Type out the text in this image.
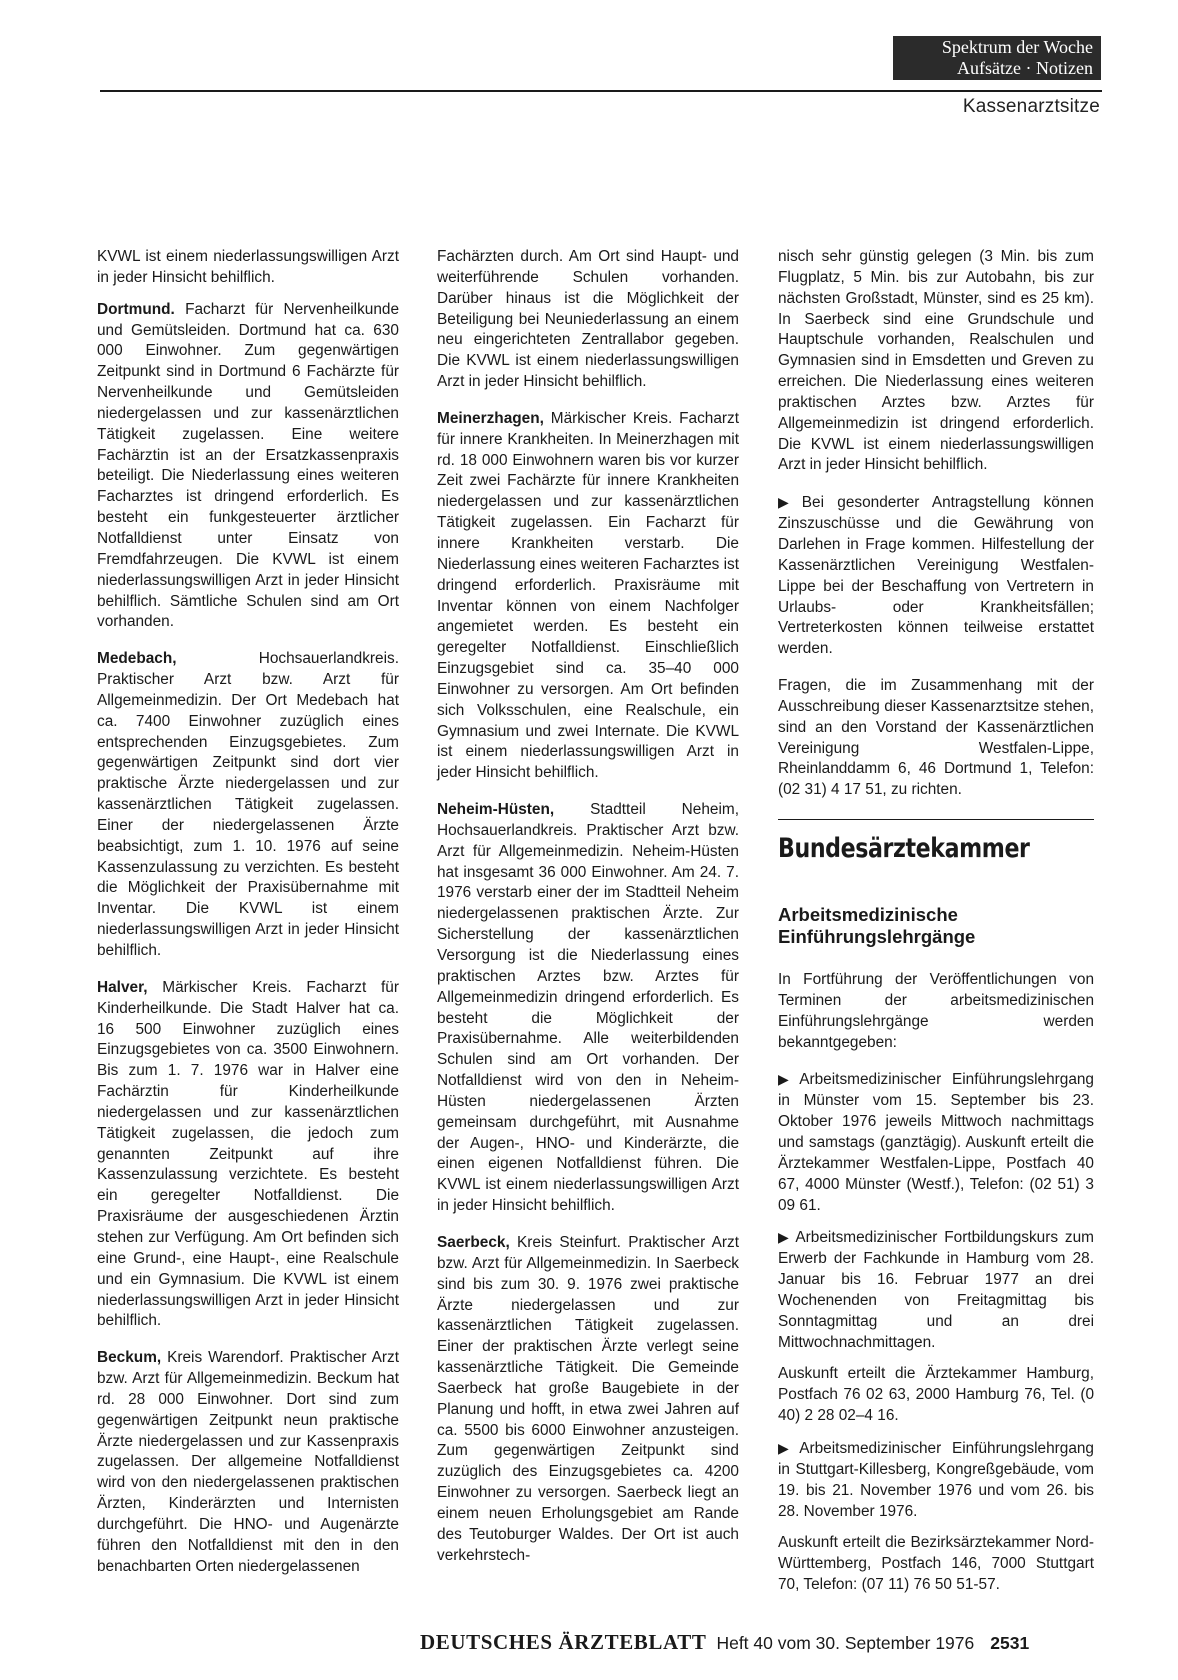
Spektrum der Woche
Aufsätze · Notizen
Kassenarztsitze

KVWL ist einem niederlassungswilligen Arzt in jeder Hinsicht behilflich.

Dortmund. Facharzt für Nervenheilkunde und Gemütsleiden. Dortmund hat ca. 630 000 Einwohner. Zum gegenwärtigen Zeitpunkt sind in Dortmund 6 Fachärzte für Nervenheilkunde und Gemütsleiden niedergelassen und zur kassenärztlichen Tätigkeit zugelassen. Eine weitere Fachärztin ist an der Ersatzkassenpraxis beteiligt. Die Niederlassung eines weiteren Facharztes ist dringend erforderlich. Es besteht ein funkgesteuerter ärztlicher Notfalldienst unter Einsatz von Fremdfahrzeugen. Die KVWL ist einem niederlassungswilligen Arzt in jeder Hinsicht behilflich. Sämtliche Schulen sind am Ort vorhanden.

Medebach,	Hochsauerlandkreis. Praktischer Arzt bzw. Arzt für Allgemeinmedizin. Der Ort Medebach hat ca. 7400 Einwohner zuzüglich eines entsprechenden Einzugsgebietes. Zum gegenwärtigen Zeitpunkt sind dort vier praktische Ärzte niedergelassen und zur kassenärztlichen Tätigkeit zugelassen. Einer der niedergelassenen Ärzte beabsichtigt, zum 1. 10. 1976 auf seine Kassenzulassung zu verzichten. Es besteht die Möglichkeit der Praxisübernahme mit Inventar. Die KVWL ist einem niederlassungswilligen Arzt in jeder Hinsicht behilflich.

Halver, Märkischer Kreis. Facharzt für Kinderheilkunde. Die Stadt Halver hat ca. 16 500 Einwohner zuzüglich eines Einzugsgebietes von ca. 3500 Einwohnern. Bis zum 1. 7. 1976 war in Halver eine Fachärztin für Kinderheilkunde niedergelassen und zur kassenärztlichen Tätigkeit zugelassen, die jedoch zum genannten Zeitpunkt auf ihre Kassenzulassung verzichtete. Es besteht ein geregelter Notfalldienst. Die Praxisräume der ausgeschiedenen Ärztin stehen zur Verfügung. Am Ort befinden sich eine Grund-, eine Haupt-, eine Realschule und ein Gymnasium. Die KVWL ist einem niederlassungswilligen Arzt in jeder Hinsicht behilflich.

Beckum, Kreis Warendorf. Praktischer Arzt bzw. Arzt für Allgemeinmedizin. Beckum hat rd. 28 000 Einwohner. Dort sind zum gegenwärtigen Zeitpunkt neun praktische Ärzte niedergelassen und zur Kassenpraxis zugelassen. Der allgemeine Notfalldienst wird von den niedergelassenen praktischen Ärzten, Kinderärzten und Internisten durchgeführt. Die HNO- und Augenärzte führen den Notfalldienst mit den in den benachbarten Orten niedergelassenen

Fachärzten durch. Am Ort sind Haupt- und weiterführende Schulen vorhanden. Darüber hinaus ist die Möglichkeit der Beteiligung bei Neuniederlassung an einem neu eingerichteten Zentrallabor gegeben. Die KVWL ist einem niederlassungswilligen Arzt in jeder Hinsicht behilflich.

Meinerzhagen, Märkischer Kreis. Facharzt für innere Krankheiten. In Meinerzhagen mit rd. 18 000 Einwohnern waren bis vor kurzer Zeit zwei Fachärzte für innere Krankheiten niedergelassen und zur kassenärztlichen Tätigkeit zugelassen. Ein Facharzt für innere Krankheiten verstarb. Die Niederlassung eines weiteren Facharztes ist dringend erforderlich. Praxisräume mit Inventar können von einem Nachfolger angemietet werden. Es besteht ein geregelter Notfalldienst. Einschließlich Einzugsgebiet sind ca. 35–40 000 Einwohner zu versorgen. Am Ort befinden sich Volksschulen, eine Realschule, ein Gymnasium und zwei Internate. Die KVWL ist einem niederlassungswilligen Arzt in jeder Hinsicht behilflich.

Neheim-Hüsten, Stadtteil Neheim, Hochsauerlandkreis. Praktischer Arzt bzw. Arzt für Allgemeinmedizin. Neheim-Hüsten hat insgesamt 36 000 Einwohner. Am 24. 7. 1976 verstarb einer der im Stadtteil Neheim niedergelassenen praktischen Ärzte. Zur Sicherstellung der kassenärztlichen Versorgung ist die Niederlassung eines praktischen Arztes bzw. Arztes für Allgemeinmedizin dringend erforderlich. Es besteht die Möglichkeit der Praxisübernahme. Alle weiterbildenden Schulen sind am Ort vorhanden. Der Notfalldienst wird von den in Neheim-Hüsten niedergelassenen Ärzten gemeinsam durchgeführt, mit Ausnahme der Augen-, HNO- und Kinderärzte, die einen eigenen Notfalldienst führen. Die KVWL ist einem niederlassungswilligen Arzt in jeder Hinsicht behilflich.

Saerbeck, Kreis Steinfurt. Praktischer Arzt bzw. Arzt für Allgemeinmedizin. In Saerbeck sind bis zum 30. 9. 1976 zwei praktische Ärzte niedergelassen und zur kassenärztlichen Tätigkeit zugelassen. Einer der praktischen Ärzte verlegt seine kassenärztliche Tätigkeit. Die Gemeinde Saerbeck hat große Baugebiete in der Planung und hofft, in etwa zwei Jahren auf ca. 5500 bis 6000 Einwohner anzusteigen. Zum gegenwärtigen Zeitpunkt sind zuzüglich des Einzugsgebietes ca. 4200 Einwohner zu versorgen. Saerbeck liegt an einem neuen Erholungsgebiet am Rande des Teutoburger Waldes. Der Ort ist auch verkehrstech-

nisch sehr günstig gelegen (3 Min. bis zum Flugplatz, 5 Min. bis zur Autobahn, bis zur nächsten Großstadt, Münster, sind es 25 km). In Saerbeck sind eine Grundschule und Hauptschule vorhanden, Realschulen und Gymnasien sind in Emsdetten und Greven zu erreichen. Die Niederlassung eines weiteren praktischen Arztes bzw. Arztes für Allgemeinmedizin ist dringend erforderlich. Die KVWL ist einem niederlassungswilligen Arzt in jeder Hinsicht behilflich.

▶ Bei gesonderter Antragstellung können Zinszuschüsse und die Gewährung von Darlehen in Frage kommen. Hilfestellung der Kassenärztlichen Vereinigung Westfalen-Lippe bei der Beschaffung von Vertretern in Urlaubs- oder Krankheitsfällen; Vertreterkosten können teilweise erstattet werden.

Fragen, die im Zusammenhang mit der Ausschreibung dieser Kassenarztsitze stehen, sind an den Vorstand der Kassenärztlichen Vereinigung Westfalen-Lippe, Rheinlanddamm 6, 46 Dortmund 1, Telefon: (02 31) 4 17 51, zu richten.

Bundesärztekammer
Arbeitsmedizinische
Einführungslehrgänge

In Fortführung der Veröffentlichungen von Terminen der arbeitsmedizinischen Einführungslehrgänge werden bekanntgegeben:

▶ Arbeitsmedizinischer Einführungslehrgang in Münster vom 15. September bis 23. Oktober 1976 jeweils Mittwoch nachmittags und samstags (ganztägig). Auskunft erteilt die Ärztekammer Westfalen-Lippe, Postfach 40 67, 4000 Münster (Westf.), Telefon: (02 51) 3 09 61.

▶ Arbeitsmedizinischer Fortbildungskurs zum Erwerb der Fachkunde in Hamburg vom 28. Januar bis 16. Februar 1977 an drei Wochenenden von Freitagmittag bis Sonntagmittag und an drei Mittwochnachmittagen.

Auskunft erteilt die Ärztekammer Hamburg, Postfach 76 02 63, 2000 Hamburg 76, Tel. (0 40) 2 28 02–4 16.

▶ Arbeitsmedizinischer Einführungslehrgang in Stuttgart-Killesberg, Kongreßgebäude, vom 19. bis 21. November 1976 und vom 26. bis 28. November 1976.

Auskunft erteilt die Bezirksärztekammer Nord-Württemberg, Postfach 146, 7000 Stuttgart 70, Telefon: (07 11) 76 50 51-57.

DEUTSCHES ÄRZTEBLATT Heft 40 vom 30. September 1976 2531
